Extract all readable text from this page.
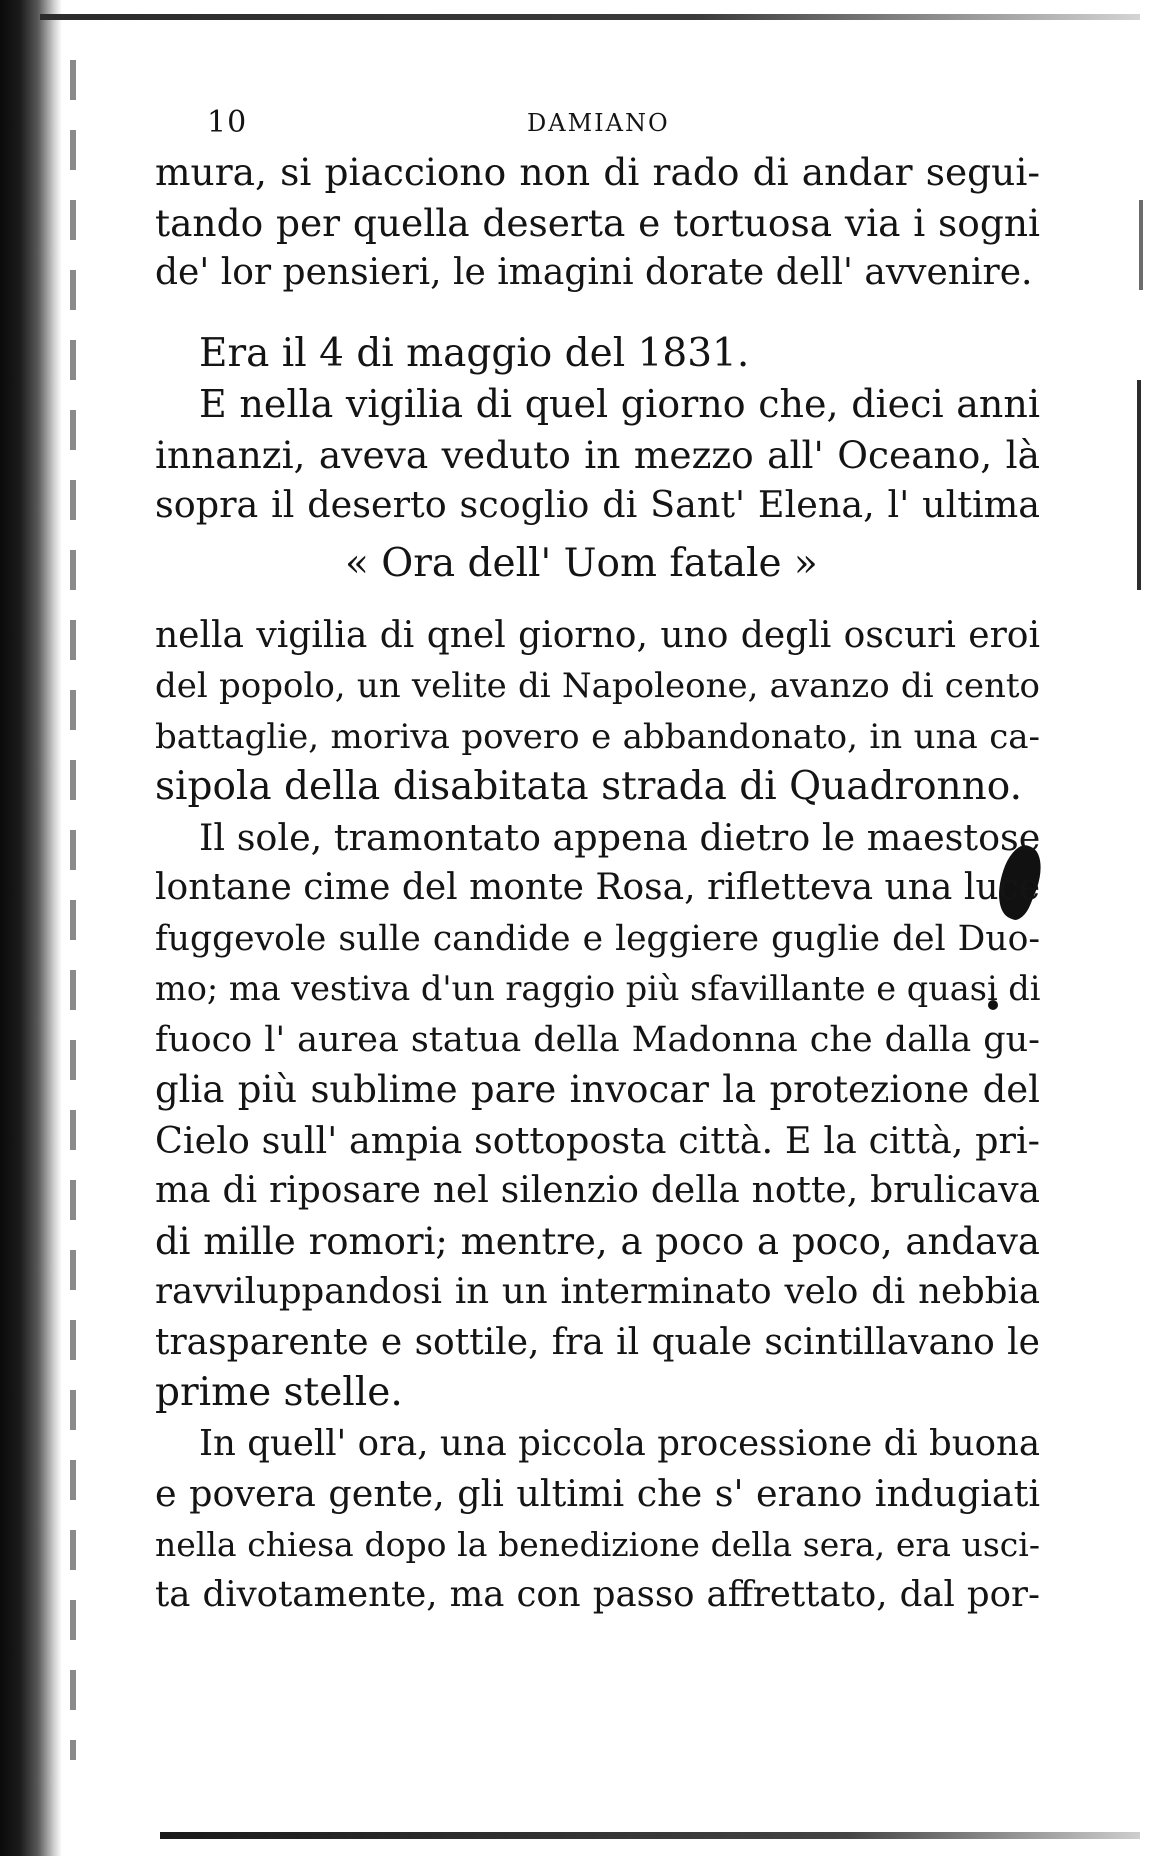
10	DAMIANO
mura, si piacciono non di rado di andar segui-
tando per quella deserta e tortuosa via i sogni
de' lor pensieri, le imagini dorate dell' avvenire.
Era il 4 di maggio del 1831.
E nella vigilia di quel giorno che, dieci anni
innanzi, aveva veduto in mezzo all' Oceano, là
sopra il deserto scoglio di Sant' Elena, l' ultima
« Ora dell' Uom fatale »
nella vigilia di qnel giorno, uno degli oscuri eroi
del popolo, un velite di Napoleone, avanzo di cento
battaglie, moriva povero e abbandonato, in una ca-
sipola della disabitata strada di Quadronno.
Il sole, tramontato appena dietro le maestose
lontane cime del monte Rosa, rifletteva una luce
fuggevole sulle candide e leggiere guglie del Duo-
mo; ma vestiva d'un raggio più sfavillante e quasi di
fuoco l' aurea statua della Madonna che dalla gu-
glia più sublime pare invocar la protezione del
Cielo sull' ampia sottoposta città. E la città, pri-
ma di riposare nel silenzio della notte, brulicava
di mille romori; mentre, a poco a poco, andava
ravviluppandosi in un interminato velo di nebbia
trasparente e sottile, fra il quale scintillavano le
prime stelle.
In quell' ora, una piccola processione di buona
e povera gente, gli ultimi che s' erano indugiati
nella chiesa dopo la benedizione della sera, era usci-
ta divotamente, ma con passo affrettato, dal por-
